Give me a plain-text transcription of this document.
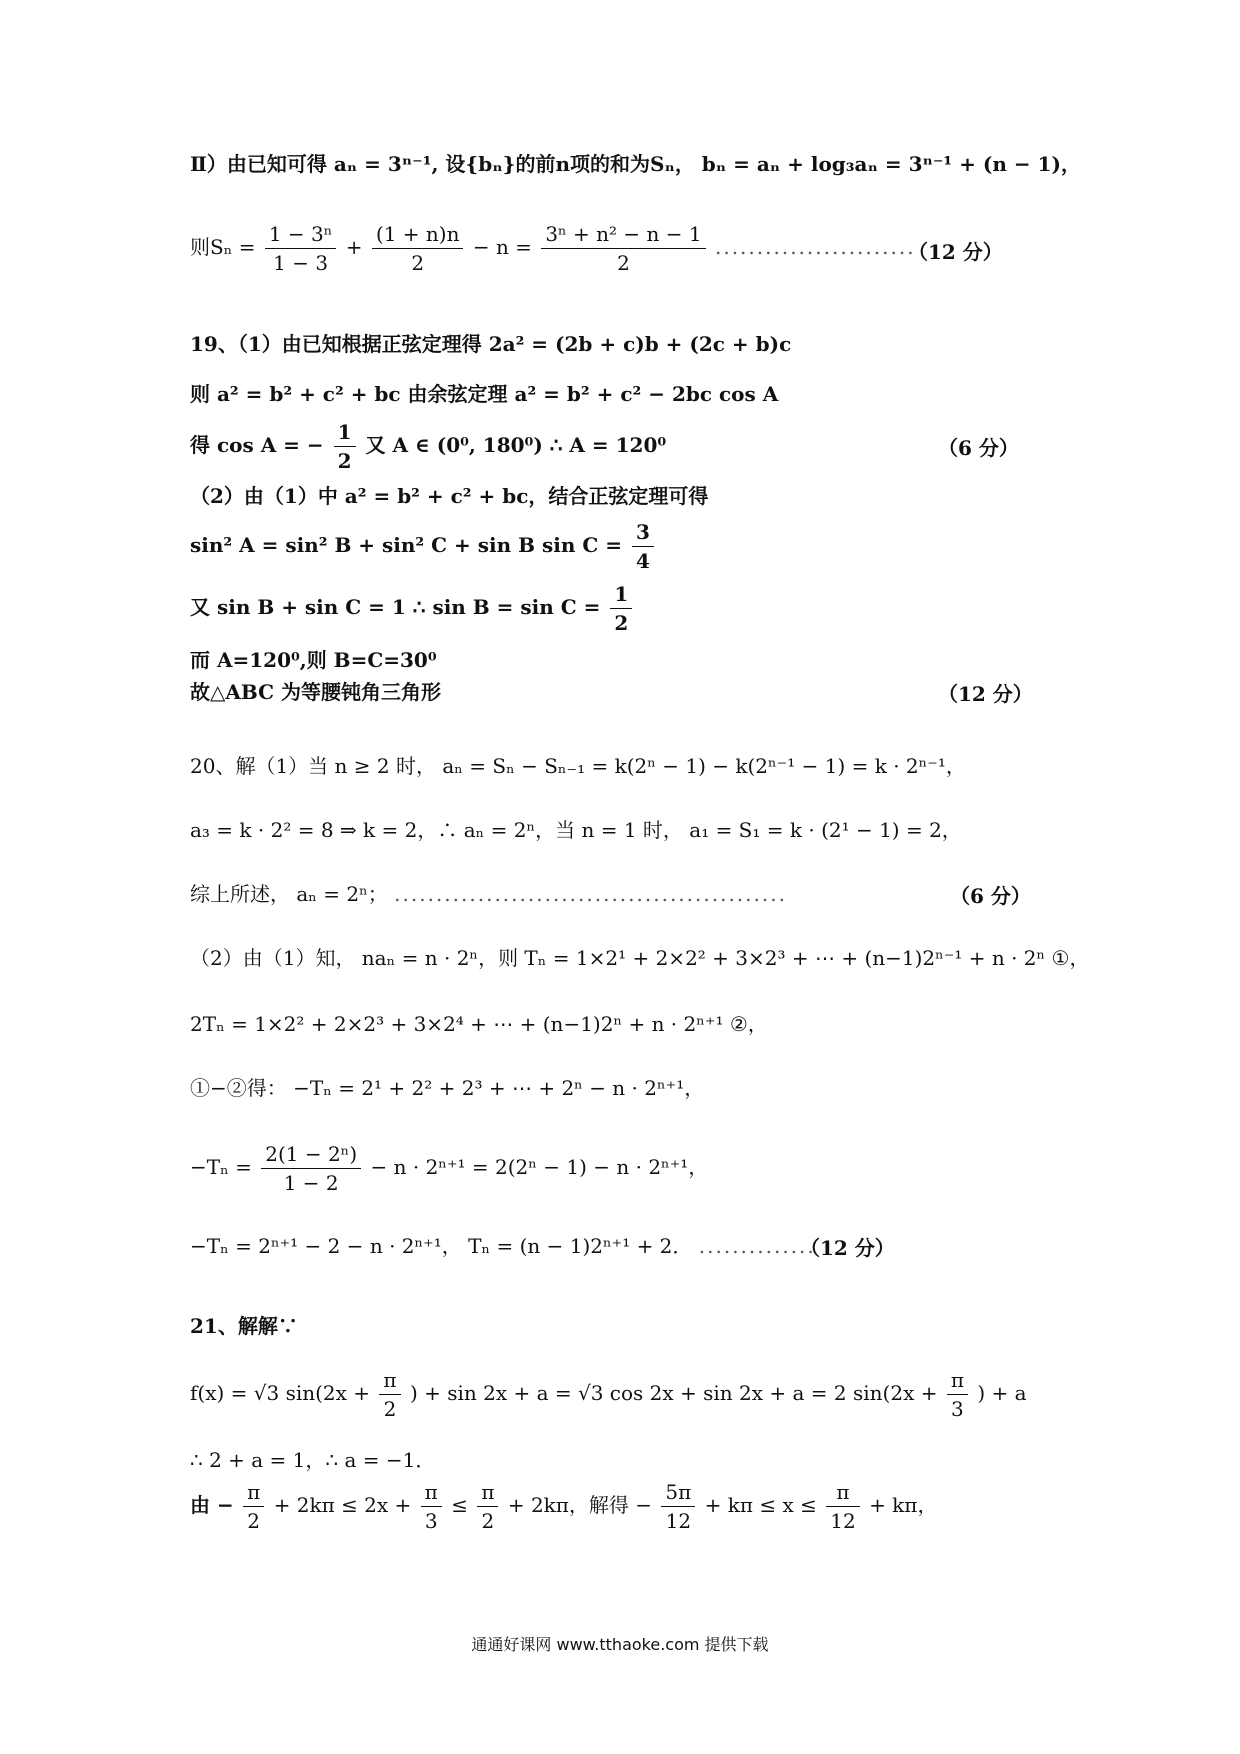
Ⅱ）由已知可得 aₙ = 3ⁿ⁻¹, 设{bₙ}的前n项的和为Sₙ， bₙ = aₙ + log₃aₙ = 3ⁿ⁻¹ + (n − 1)，
则$S_n = \frac{\text{1 − 3ⁿ}}{1 - 3} + \frac{(1 + n)n}{2} - n = \frac{\text{3ⁿ + n² − n − 1}}{2}$ ........................
（12 分）
19、（1）由已知根据正弦定理得 2a² = (2b + c)b + (2c + b)c
则 a² = b² + c² + bc 由余弦定理 a² = b² + c² − 2bc cos A
得 cos A = − $\frac{1}{2}$ 又 A ∈ (0⁰, 180⁰) ∴ A = 120⁰	（6 分）
（2）由（1）中 a² = b² + c² + bc，结合正弦定理可得
sin² A = sin² B + sin² C + sin B $\sin C = \frac{3}{4}$
又 sin B + sin C = 1 ∴ $\sin B = \sin C = \frac{1}{2}$
而 A=120⁰,则 B=C=30⁰
故△ABC 为等腰钝角三角形	（12 分）
20、解（1）当 n ≥ 2 时， aₙ = Sₙ − Sₙ₋₁ = k(2ⁿ − 1) − k(2ⁿ⁻¹ − 1) = k · 2ⁿ⁻¹，
a₃ = k · 2² = 8 ⇒ k = 2，∴ aₙ = 2ⁿ，当 n = 1 时， a₁ = S₁ = k · (2¹ − 1) = 2，
综上所述， aₙ = 2ⁿ； ...............................................	（6 分）
（2）由（1）知， naₙ = n · 2ⁿ，则 Tₙ = 1×2¹ + 2×2² + 3×2³ + ⋯ + (n−1)2ⁿ⁻¹ + n · 2ⁿ ①，
2Tₙ = 1×2² + 2×2³ + 3×2⁴ + ⋯ + (n−1)2ⁿ + n · 2ⁿ⁺¹ ②，
①−②得： −Tₙ = 2¹ + 2² + 2³ + ⋯ + 2ⁿ − n · 2ⁿ⁺¹，
$-T_n = \frac{\text{2(1 − 2ⁿ)}}{1 - 2} - n \cdot 2^{n+1} = 2(2^n - 1) - n \cdot 2^{n+1}$，
−Tₙ = 2ⁿ⁺¹ − 2 − n · 2ⁿ⁺¹， Tₙ = (n − 1)2ⁿ⁺¹ + 2． ..............
（12 分）
21、解解∵
f(x) = √3 $\sin(2x + \frac{\pi}{2}$ ) + sin 2x + a = √3 cos 2x + sin 2x + a = 2 $\sin(2x + \frac{\pi}{3}$ ) + a
∴ 2 + a = 1，∴ a = −1．
由 − $\frac{\pi}{2} + 2k\pi \le 2x + \frac{\pi}{3} \le \frac{\pi}{2} + 2k\pi$，解得 − $\frac{5\pi}{12} + k\pi \le x \le \frac{\pi}{12} + k\pi$，
通通好课网 www.tthaoke.com 提供下载
